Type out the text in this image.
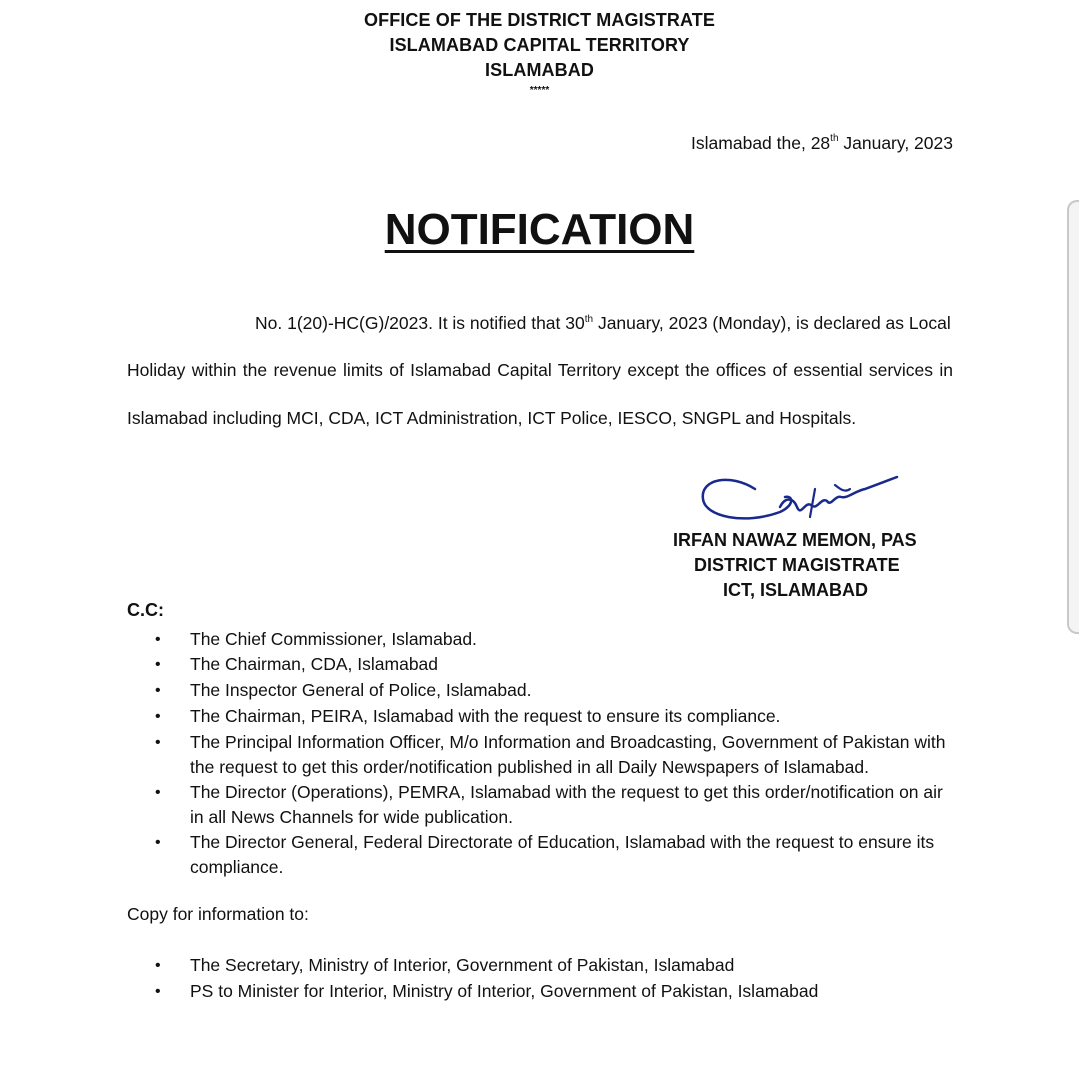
OFFICE OF THE DISTRICT MAGISTRATE
ISLAMABAD CAPITAL TERRITORY
ISLAMABAD
*****
Islamabad the, 28th January, 2023
NOTIFICATION
No. 1(20)-HC(G)/2023. It is notified that 30th January, 2023 (Monday), is declared as Local
Holiday within the revenue limits of Islamabad Capital Territory except the offices of essential services in
Islamabad including MCI, CDA, ICT Administration, ICT Police, IESCO, SNGPL and Hospitals.
IRFAN NAWAZ MEMON, PAS
DISTRICT MAGISTRATE
ICT, ISLAMABAD
C.C:
•	The Chief Commissioner, Islamabad.
•	The Chairman, CDA, Islamabad
•	The Inspector General of Police, Islamabad.
•	The Chairman, PEIRA, Islamabad with the request to ensure its compliance.
•	The Principal Information Officer, M/o Information and Broadcasting, Government of Pakistan with the request to get this order/notification published in all Daily Newspapers of Islamabad.
•	The Director (Operations), PEMRA, Islamabad with the request to get this order/notification on air in all News Channels for wide publication.
•	The Director General, Federal Directorate of Education, Islamabad with the request to ensure its compliance.
Copy for information to:
•	The Secretary, Ministry of Interior, Government of Pakistan, Islamabad
•	PS to Minister for Interior, Ministry of Interior, Government of Pakistan, Islamabad
